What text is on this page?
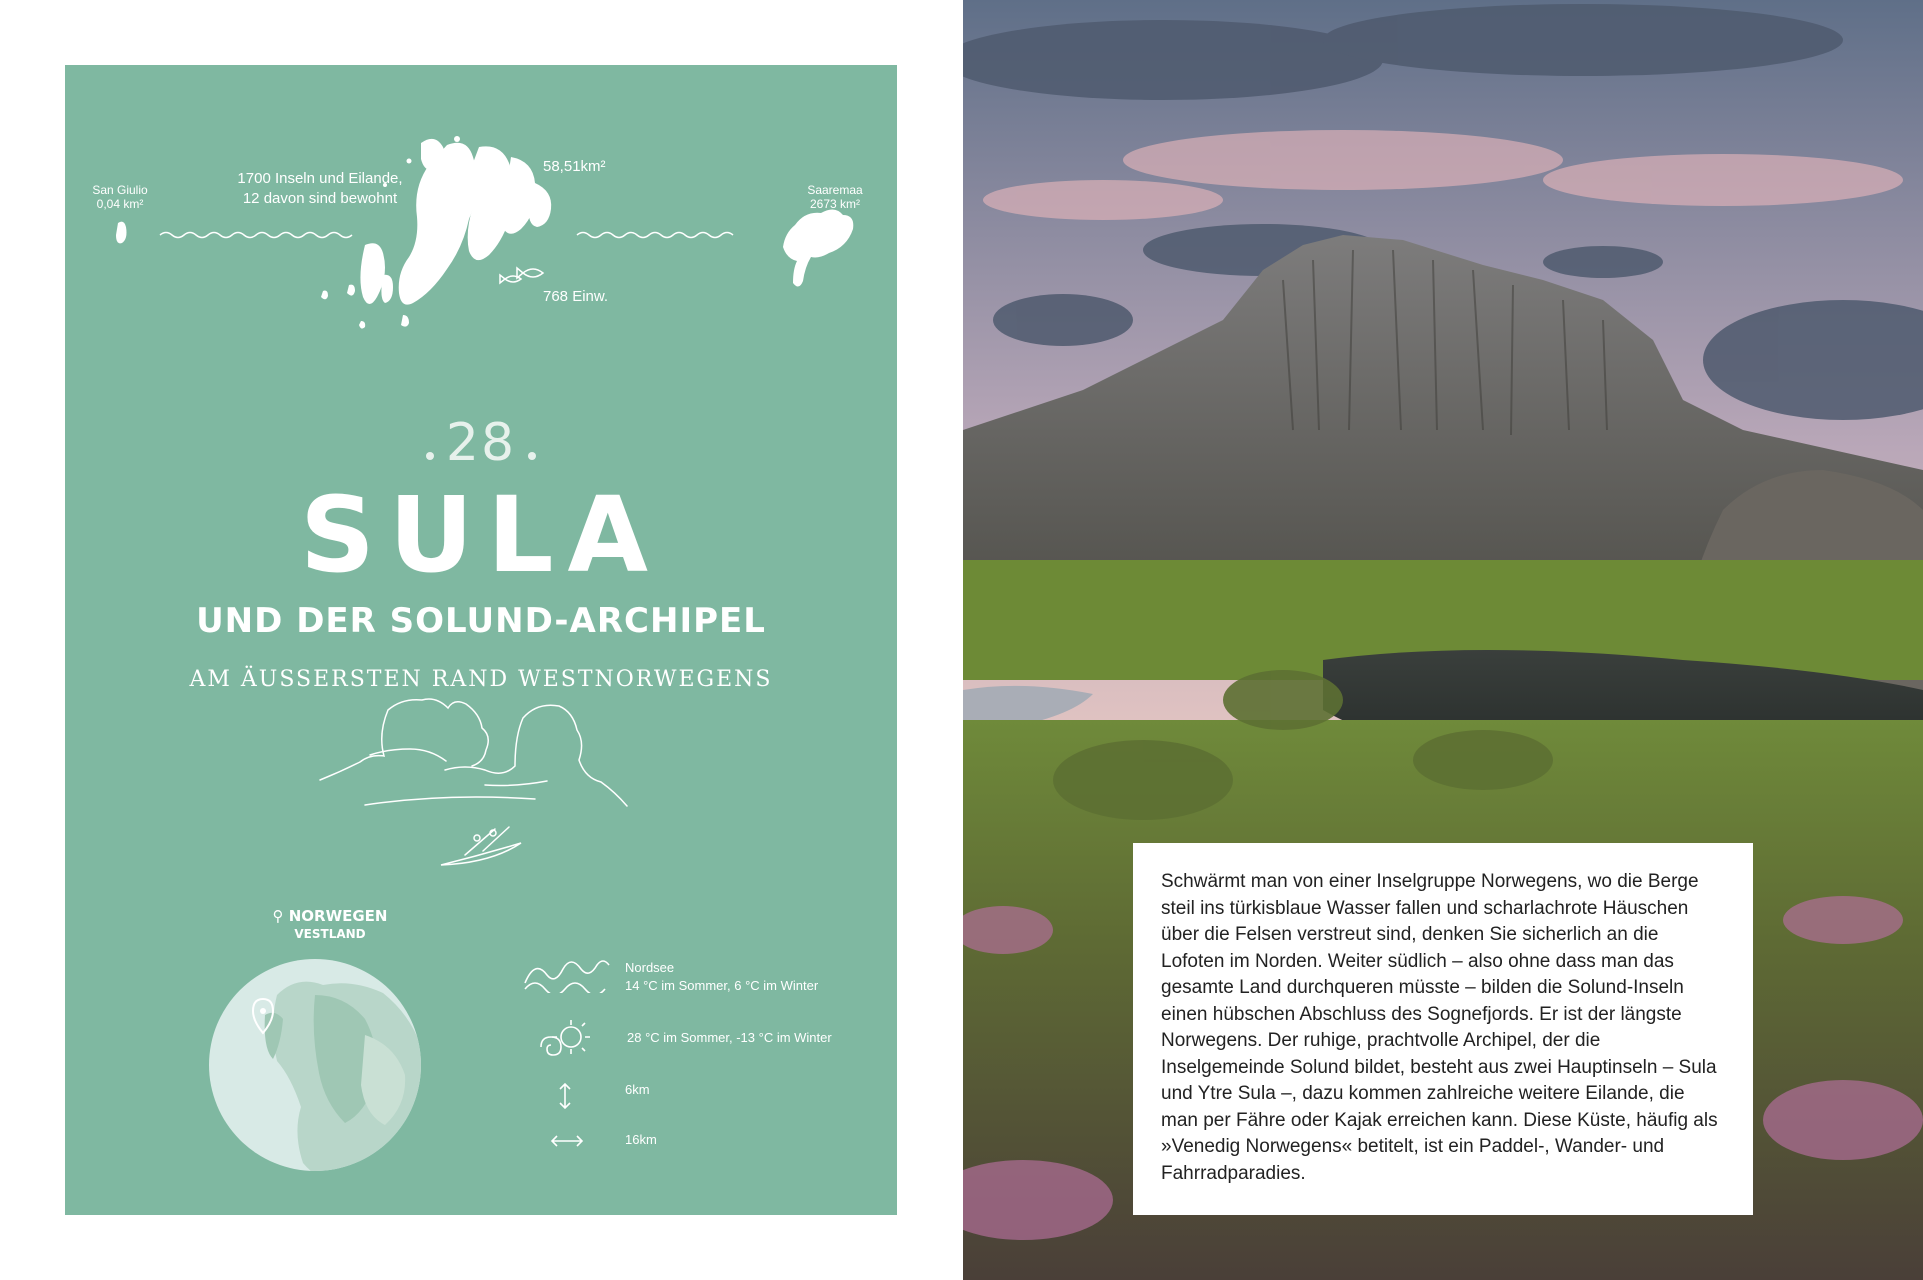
San Giulio
0,04 km²
1700 Inseln und Eilande,
12 davon sind bewohnt
58,51km²
768 Einw.
Saaremaa
2673 km²
28
SULA
UND DER SOLUND-ARCHIPEL
AM ÄUSSERSTEN RAND WESTNORWEGENS
⚲ NORWEGEN
VESTLAND
Nordsee
14 °C im Sommer, 6 °C im Winter
28 °C im Sommer, -13 °C im Winter
6km
16km

Schwärmt man von einer Inselgruppe Norwegens, wo die Berge steil ins türkisblaue Wasser fallen und scharlachrote Häuschen über die Felsen verstreut sind, denken Sie sicherlich an die Lofoten im Norden. Weiter südlich – also ohne dass man das gesamte Land durchqueren müsste – bilden die Solund-Inseln einen hübschen Abschluss des Sognefjords. Er ist der längste Norwegens. Der ruhige, prachtvolle Archipel, der die Inselgemeinde Solund bildet, besteht aus zwei Hauptinseln – Sula und Ytre Sula –, dazu kommen zahlreiche weitere Eilande, die man per Fähre oder Kajak erreichen kann. Diese Küste, häufig als »Venedig Norwegens« betitelt, ist ein Paddel-, Wander- und Fahrradparadies.
